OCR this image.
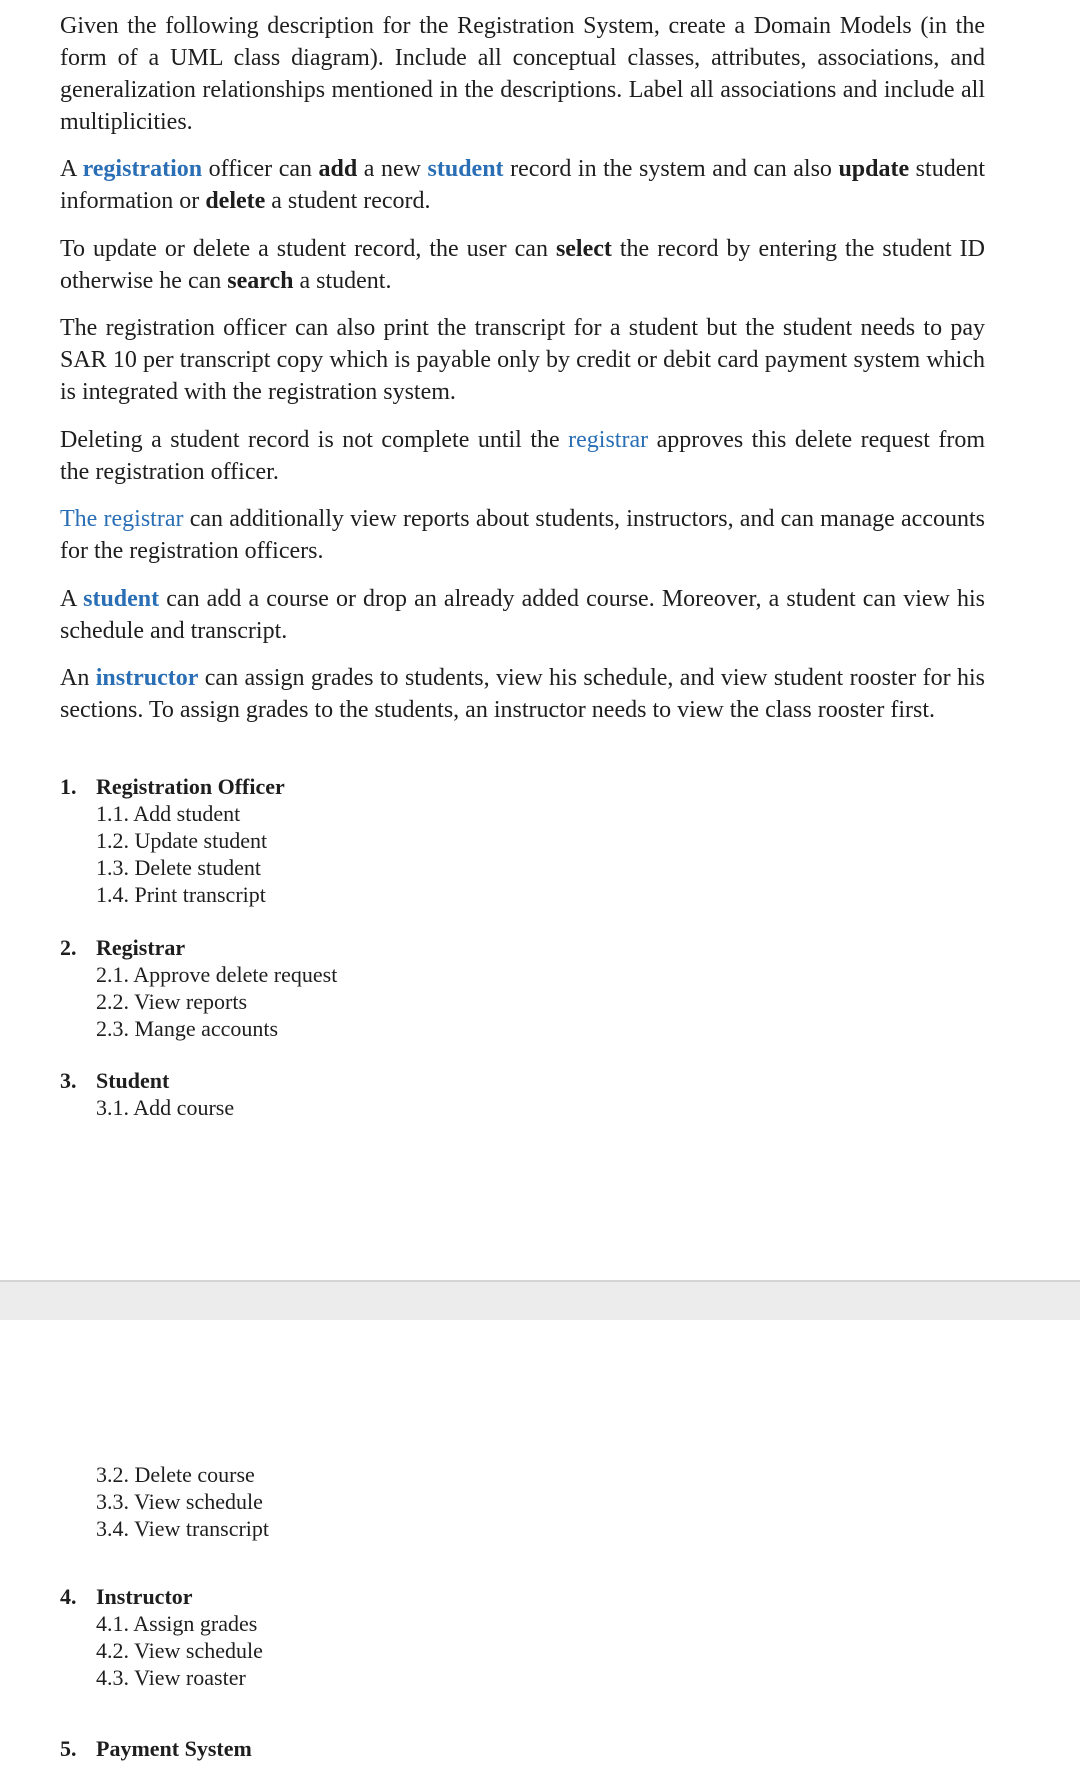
Given the following description for the Registration System, create a Domain Models (in the form of a UML class diagram). Include all conceptual classes, attributes, associations, and generalization relationships mentioned in the descriptions. Label all associations and include all multiplicities.

A registration officer can add a new student record in the system and can also update student information or delete a student record.

To update or delete a student record, the user can select the record by entering the student ID otherwise he can search a student.

The registration officer can also print the transcript for a student but the student needs to pay SAR 10 per transcript copy which is payable only by credit or debit card payment system which is integrated with the registration system.

Deleting a student record is not complete until the registrar approves this delete request from the registration officer.

The registrar can additionally view reports about students, instructors, and can manage accounts for the registration officers.

A student can add a course or drop an already added course. Moreover, a student can view his schedule and transcript.

An instructor can assign grades to students, view his schedule, and view student rooster for his sections. To assign grades to the students, an instructor needs to view the class rooster first.

1. Registration Officer
1.1. Add student
1.2. Update student
1.3. Delete student
1.4. Print transcript
2. Registrar
2.1. Approve delete request
2.2. View reports
2.3. Mange accounts
3. Student
3.1. Add course
3.2. Delete course
3.3. View schedule
3.4. View transcript
4. Instructor
4.1. Assign grades
4.2. View schedule
4.3. View roaster
5. Payment System
